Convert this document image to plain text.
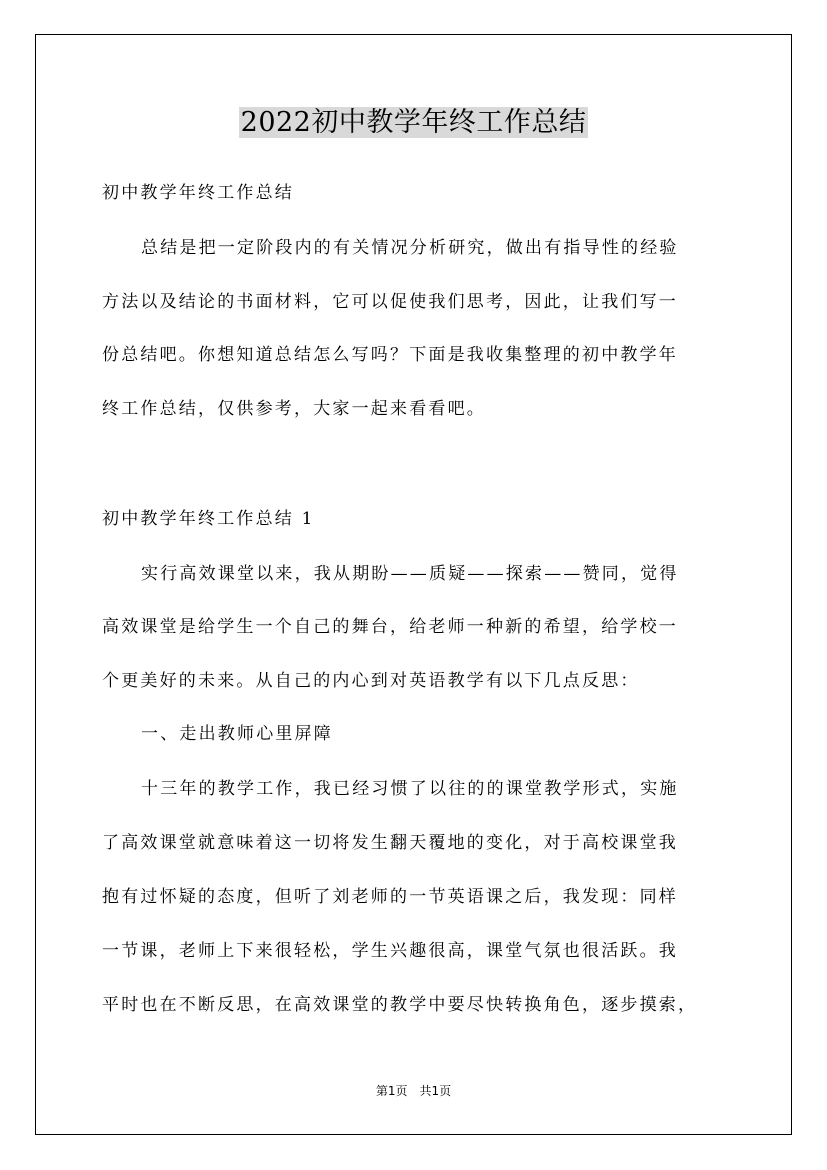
2022初中教学年终工作总结
初中教学年终工作总结
总结是把一定阶段内的有关情况分析研究，做出有指导性的经验
方法以及结论的书面材料，它可以促使我们思考，因此，让我们写一
份总结吧。你想知道总结怎么写吗？下面是我收集整理的初中教学年
终工作总结，仅供参考，大家一起来看看吧。
初中教学年终工作总结 1
实行高效课堂以来，我从期盼——质疑——探索——赞同，觉得
高效课堂是给学生一个自己的舞台，给老师一种新的希望，给学校一
个更美好的未来。从自己的内心到对英语教学有以下几点反思：
一、走出教师心里屏障
十三年的教学工作，我已经习惯了以往的的课堂教学形式，实施
了高效课堂就意味着这一切将发生翻天覆地的变化，对于高校课堂我
抱有过怀疑的态度，但听了刘老师的一节英语课之后，我发现：同样
一节课，老师上下来很轻松，学生兴趣很高，课堂气氛也很活跃。我
平时也在不断反思，在高效课堂的教学中要尽快转换角色，逐步摸索，
第1页　共1页
